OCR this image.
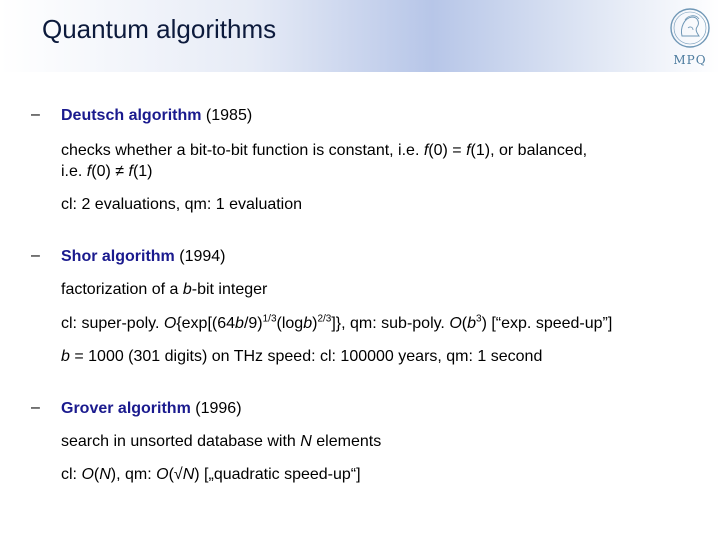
Quantum algorithms
MPQ
– Deutsch algorithm (1985)
checks whether a bit-to-bit function is constant, i.e. f(0) = f(1), or balanced,
i.e. f(0) ≠ f(1)
cl: 2 evaluations, qm: 1 evaluation
– Shor algorithm (1994)
factorization of a b-bit integer
cl: super-poly. $O\{\exp[(64b/9)^{1/3}(\log b)^{2/3}]\}$, qm: sub-poly. $O(b^3)$ [“exp. speed-up”]
b = 1000 (301 digits) on THz speed: cl: 100000 years, qm: 1 second
– Grover algorithm (1996)
search in unsorted database with N elements
cl: O(N), qm: O(√N) [„quadratic speed-up“]
